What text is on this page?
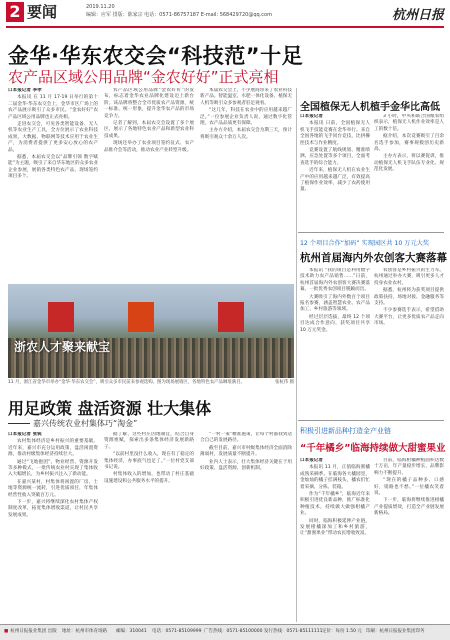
2 要闻	2019.11.20
编辑：应军 排版：陈家宗 电话：0571-86757187 E-mail: 568429720@qq.com	杭州日报
金华·华东农交会“科技范”十足
农产品区域公用品牌“金农好好”正式亮相

口本报记者 李孝

本报讯 在 11 月 17-19 日举行的第十二届金华·华东农交会上，金华市区广场上的农产品展示吸引了众多市民。“金农好好”农产品区域公用品牌也正式亮相。

走进农交会，可见各类智能设备、无人机等农业生产工具，全方位展示了农业科技成果。大数据、物联网等技术应用于农业生产，为消费者提供了更多安心放心的农产品。

据悉，本届农交会以“品牌引领 数字赋能”为主题，吸引了来自华东地区的众多农业企业参展，展销各类特色农产品，现场签约项目多个。

农产品区域公用品牌“金农好好”的发布，标志着金华农业品牌化建设迈上新台阶。该品牌将整合全市优质农产品资源，统一标准、统一形象，提升金华农产品的市场竞争力。

记者了解到，本届农交会设置了多个展区，展示了各地特色农业产品和新型农业科技成果。

现场还举办了农业项目签约仪式、农产品推介会等活动，推动农业产业转型升级。

本届农交会上，不少展商带来了农业科技新产品。智能温室、水肥一体化设备、植保无人机等吸引众多参观者驻足观看。

“这几年，科技在农业中的应用越来越广泛。”一位参展企业负责人说，通过数字化管理，农产品品质更有保障。

主办方介绍，本届农交会为期三天，预计将吸引观众十余万人次。

浙农人才聚来献宝
11 月，浙江省金华市举办“金华·华东农交会”，吸引众多市民前来参观选购。图为现场展销区，各地特色农产品琳琅满目。	张杭伟 摄
用足政策 盘活资源 壮大集体
嘉兴传统农业村集体巧“淘金”

口本报记者 张锐

农村集体经济是乡村振兴的重要基础。近年来，嘉兴市充分运用政策，盘活闲置资源，推动村级集体经济持续壮大。

通过“飞地抱团”、物业经营、资源开发等多种模式，一批传统农业村实现了集体收入大幅增长，为乡村振兴注入了新动能。

在嘉兴某村，村集体将闲置的厂房、土地等资源统一流转，引进优质项目，年集体经营性收入突破百万元。

下一步，嘉兴将继续深化农村集体产权制度改革，拓宽集体增收渠道，让村民共享发展成果。

据了解，这些村庄因地制宜，结合自身资源禀赋，探索出多条集体经济发展新路子。

“以前村里没什么收入，现在有了稳定的集体经济，办事底气也足了。”一位村党支部书记说。

村集体收入的增加，也带动了村庄基础设施建设和公共服务水平的提升。

“一村一策”精准施策，让每个村都找到适合自己的发展路径。

截至目前，嘉兴市村级集体经济全面消除薄弱村，发展质量不断提升。

业内人士表示，壮大集体经济关键在于用好政策、盘活资源、创新机制。

全国植保无人机植手金华比高低

口本报记者

本报讯 日前，全国植保无人机飞手技能竞赛在金华举行。来自全国各地的飞手同台竞技，比拼操控技术与作业精度。

竞赛设置了航线规划、精准喷洒、应急处置等多个项目，全面考查选手的综合能力。

近年来，植保无人机在农业生产中的应用越来越广泛，有效提高了植保作业效率，减少了农药使用量。

3 小时，中央和联合国粮农组织表示，植保无人机作业效率是人工的数十倍。

据介绍，本次竞赛吸引了百余名选手参加，赛事规模创历史新高。

主办方表示，将以赛促训，推动植保无人机飞手队伍专业化、规范化发展。

12 个项目合作“加码” 实现园区共 10 万元大奖
杭州首届海内外农创客大赛落幕

本报讯 “我的项目是利用数字技术助力农产品销售……”日前，杭州首届海内外农创客大赛决赛落幕，一批优秀农创项目脱颖而出。

大赛吸引了海内外数百个项目报名参赛，涵盖智慧农业、农产品加工、乡村旅游等领域。

经过层层选拔，最终 12 个项目达成合作意向，获奖项目共享 10 万元奖金。

农创客是乡村振兴的生力军。杭州通过举办大赛，吸引更多人才投身农业农村。

据悉，杭州将为获奖项目提供政策扶持、场地对接、金融服务等支持。

不少参赛选手表示，希望借助大赛平台，让更多优质农产品走向市场。

积极引进新品种打造金产业链
“千年橘乡”临海持续做大甜蜜果业

口本报记者

本报讯 11 月，正值临海蜜橘成熟采摘季。在临海各大橘园里，金灿灿的橘子挂满枝头，橘农们忙着采摘、分拣、装箱。

作为“千年橘乡”，临海近年来积极引进优良新品种，推广标准化种植技术，持续做大做强柑橘产业。

同时，临海积极延伸产业链，发展柑橘深加工和乡村旅游，让“甜蜜果业”带动农民增收致富。

目前，临海柑橘种植面积达数十万亩，年产量稳步增长，品牌影响力不断提升。

“现在的橘子品种多、口感好，销路也不愁。”一位橘农笑着说。

下一步，临海将继续推进柑橘产业提质增效，打造全产业链发展新格局。

■ 杭州日报报业集团 出版 地址：杭州市体育场路 邮编：310041 电话：0571-85109999 广告热线：0571-85100000 发行热线：0571-85111111 定价：每份 1.50 元 印刷：杭州日报报业集团印务
